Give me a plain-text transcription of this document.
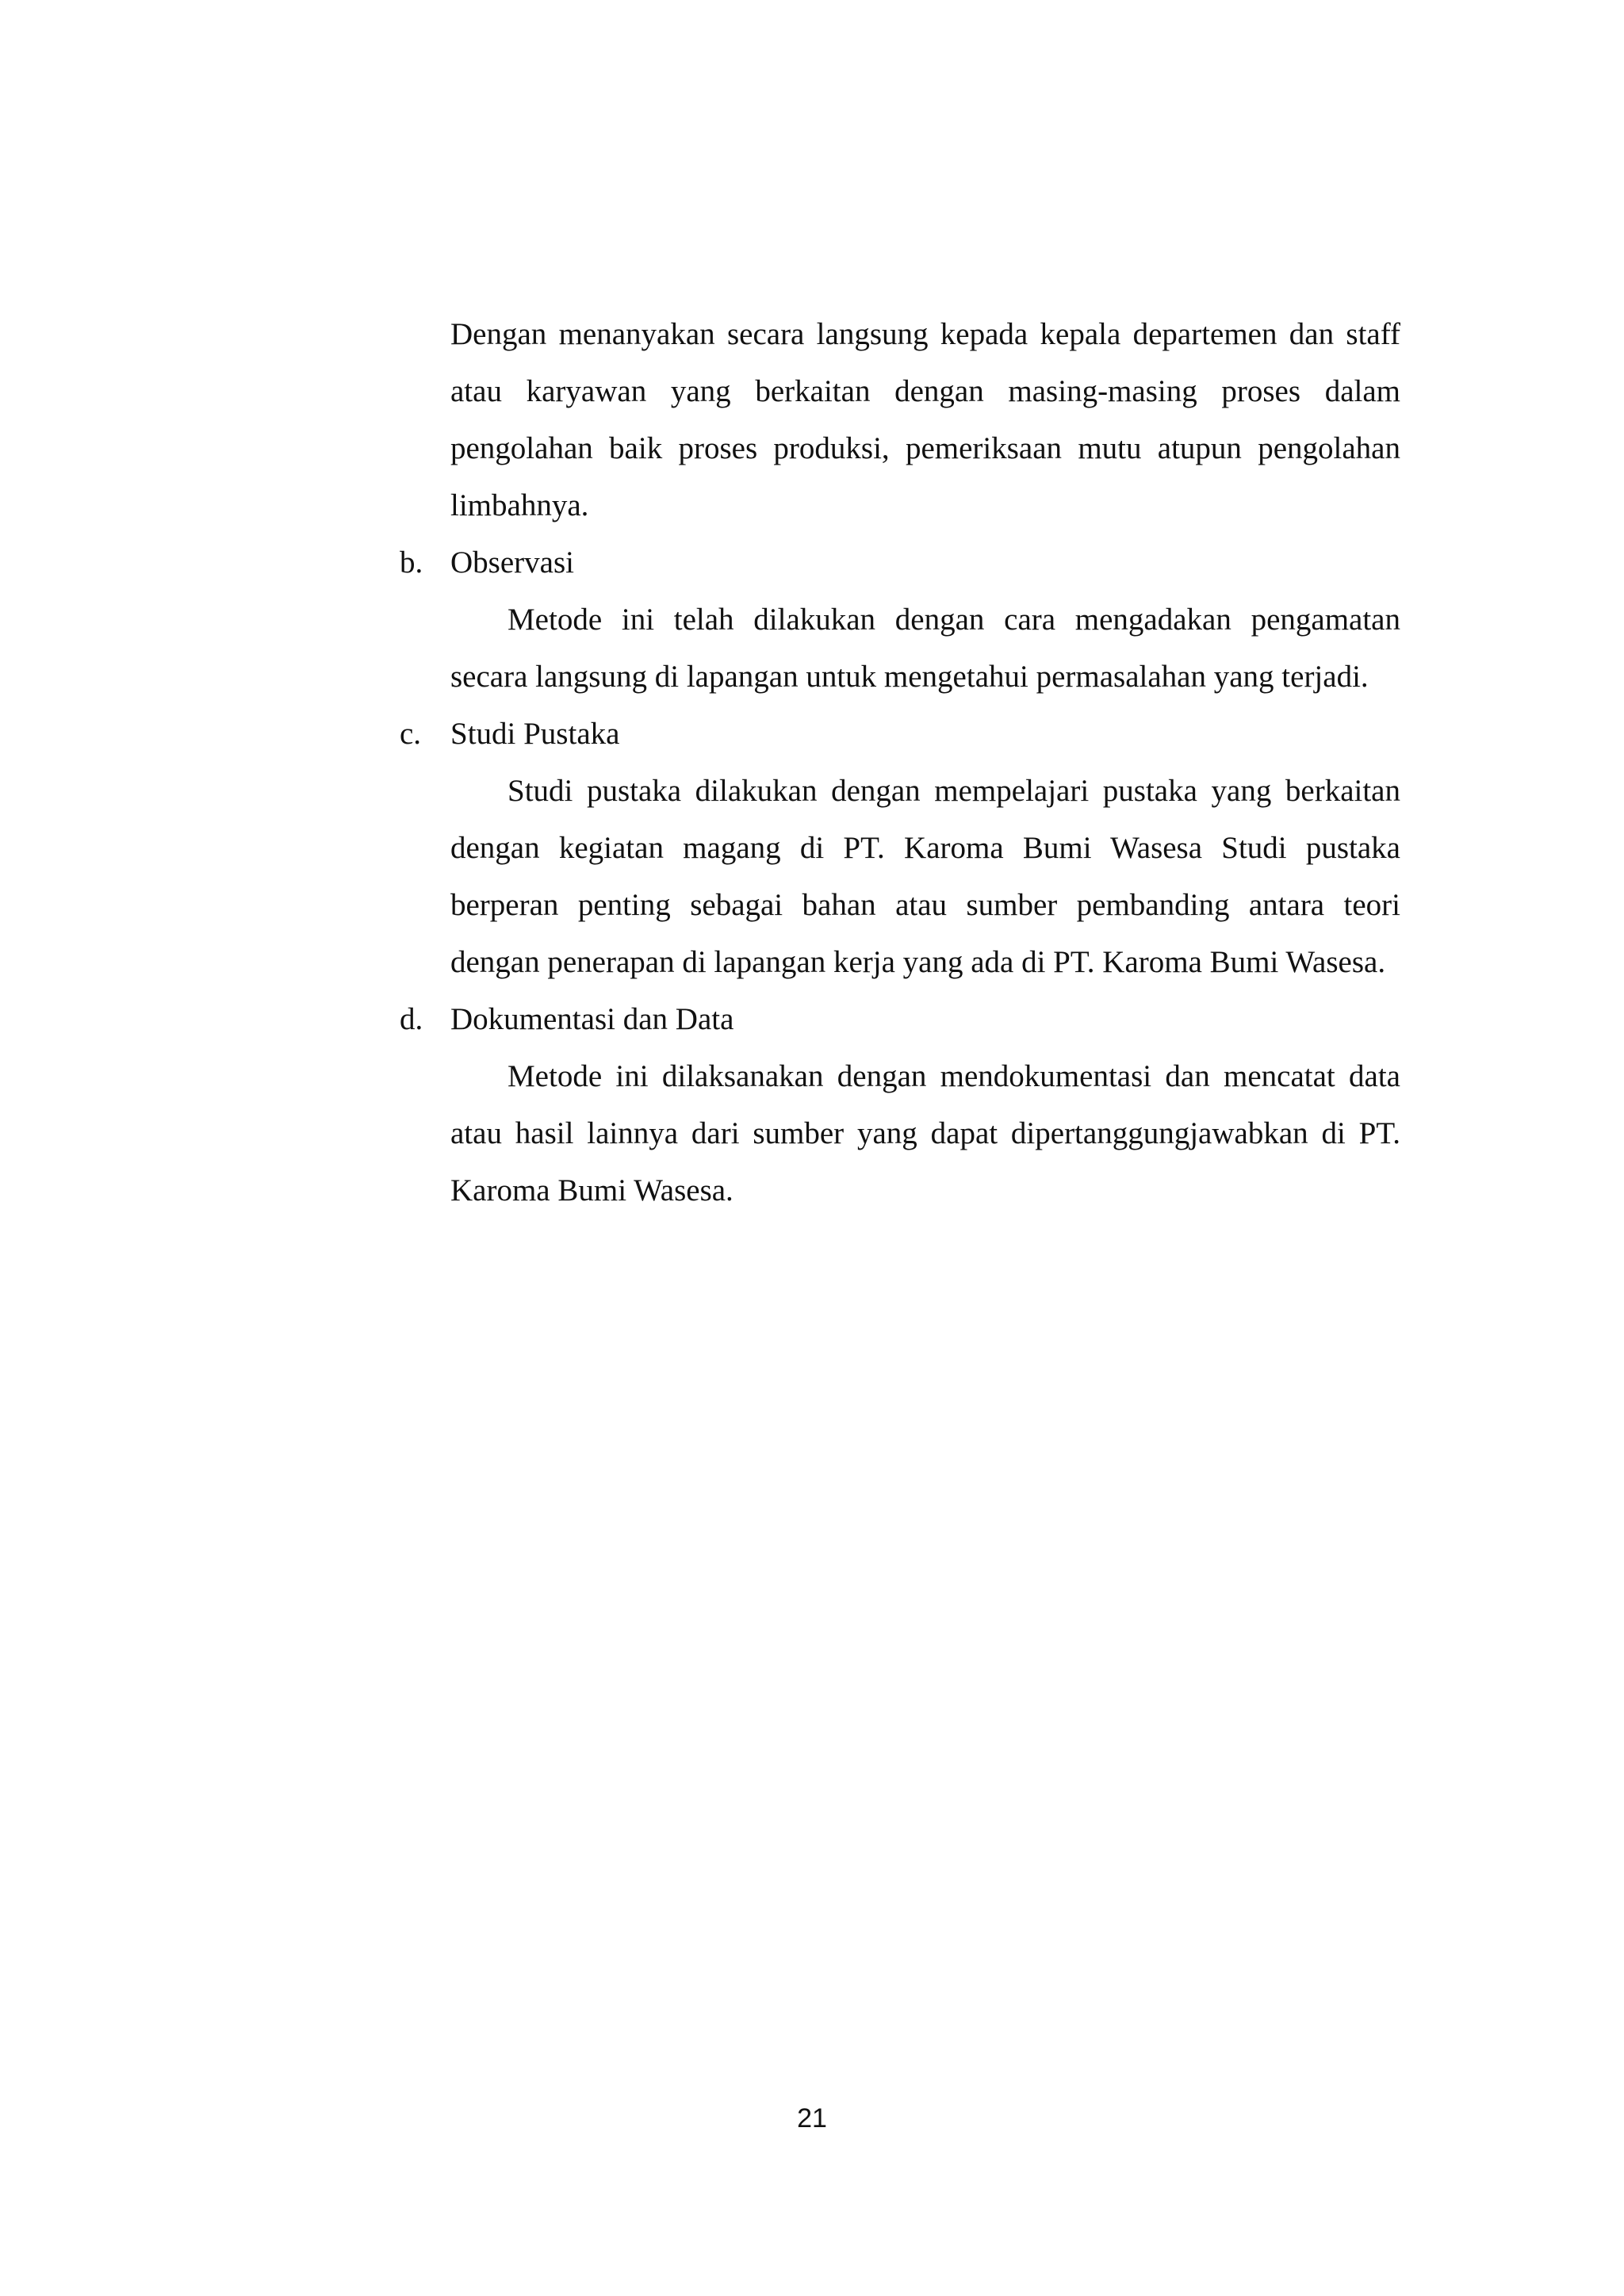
Dengan menanyakan secara langsung kepada kepala departemen dan staff atau karyawan yang berkaitan dengan masing-masing proses dalam pengolahan baik proses produksi, pemeriksaan mutu atupun pengolahan limbahnya.

b. Observasi

Metode ini telah dilakukan dengan cara mengadakan pengamatan secara langsung di lapangan untuk mengetahui permasalahan yang terjadi.

c. Studi Pustaka

Studi pustaka dilakukan dengan mempelajari pustaka yang berkaitan dengan kegiatan magang di PT. Karoma Bumi Wasesa Studi pustaka berperan penting sebagai bahan atau sumber pembanding antara teori dengan penerapan di lapangan kerja yang ada di PT. Karoma Bumi Wasesa.

d. Dokumentasi dan Data

Metode ini dilaksanakan dengan mendokumentasi dan mencatat data atau hasil lainnya dari sumber yang dapat dipertanggungjawabkan di PT. Karoma Bumi Wasesa.

21
